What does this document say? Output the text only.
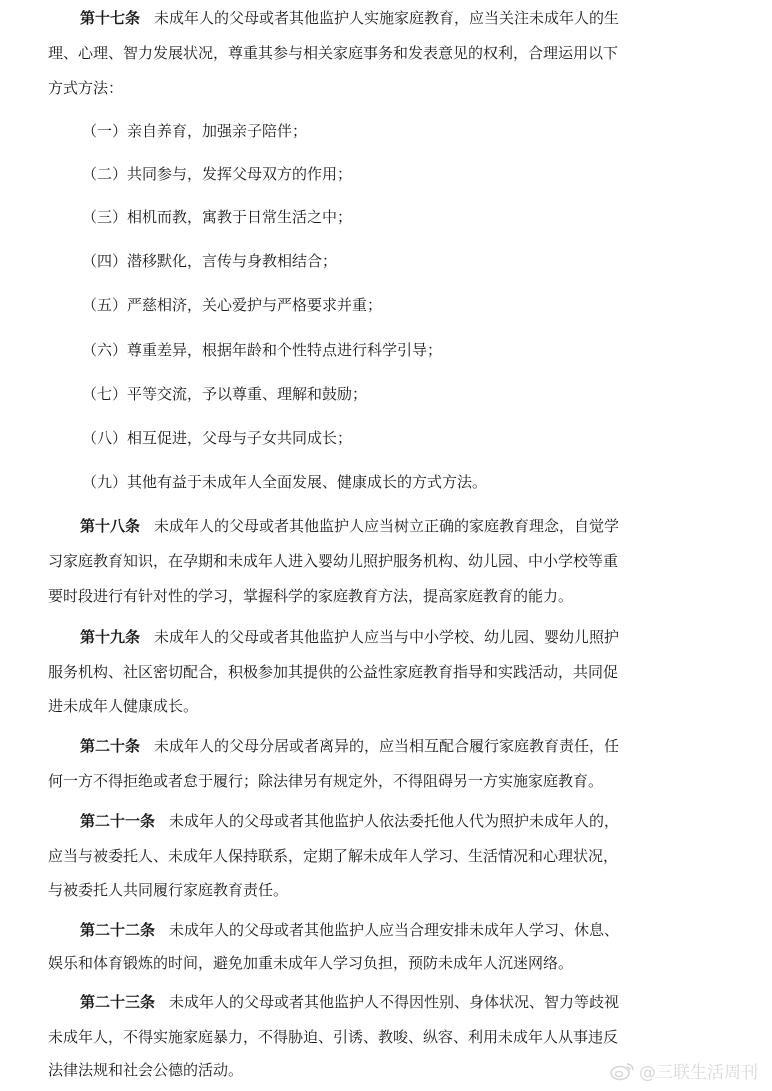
第十七条 未成年人的父母或者其他监护人实施家庭教育，应当关注未成年人的生
理、心理、智力发展状况，尊重其参与相关家庭事务和发表意见的权利，合理运用以下
方式方法：
（一）亲自养育，加强亲子陪伴；
（二）共同参与，发挥父母双方的作用；
（三）相机而教，寓教于日常生活之中；
（四）潜移默化，言传与身教相结合；
（五）严慈相济，关心爱护与严格要求并重；
（六）尊重差异，根据年龄和个性特点进行科学引导；
（七）平等交流，予以尊重、理解和鼓励；
（八）相互促进，父母与子女共同成长；
（九）其他有益于未成年人全面发展、健康成长的方式方法。
第十八条 未成年人的父母或者其他监护人应当树立正确的家庭教育理念，自觉学
习家庭教育知识，在孕期和未成年人进入婴幼儿照护服务机构、幼儿园、中小学校等重
要时段进行有针对性的学习，掌握科学的家庭教育方法，提高家庭教育的能力。
第十九条 未成年人的父母或者其他监护人应当与中小学校、幼儿园、婴幼儿照护
服务机构、社区密切配合，积极参加其提供的公益性家庭教育指导和实践活动，共同促
进未成年人健康成长。
第二十条 未成年人的父母分居或者离异的，应当相互配合履行家庭教育责任，任
何一方不得拒绝或者怠于履行；除法律另有规定外，不得阻碍另一方实施家庭教育。
第二十一条 未成年人的父母或者其他监护人依法委托他人代为照护未成年人的，
应当与被委托人、未成年人保持联系，定期了解未成年人学习、生活情况和心理状况，
与被委托人共同履行家庭教育责任。
第二十二条 未成年人的父母或者其他监护人应当合理安排未成年人学习、休息、
娱乐和体育锻炼的时间，避免加重未成年人学习负担，预防未成年人沉迷网络。
第二十三条 未成年人的父母或者其他监护人不得因性别、身体状况、智力等歧视
未成年人，不得实施家庭暴力，不得胁迫、引诱、教唆、纵容、利用未成年人从事违反
法律法规和社会公德的活动。	@三联生活周刊
